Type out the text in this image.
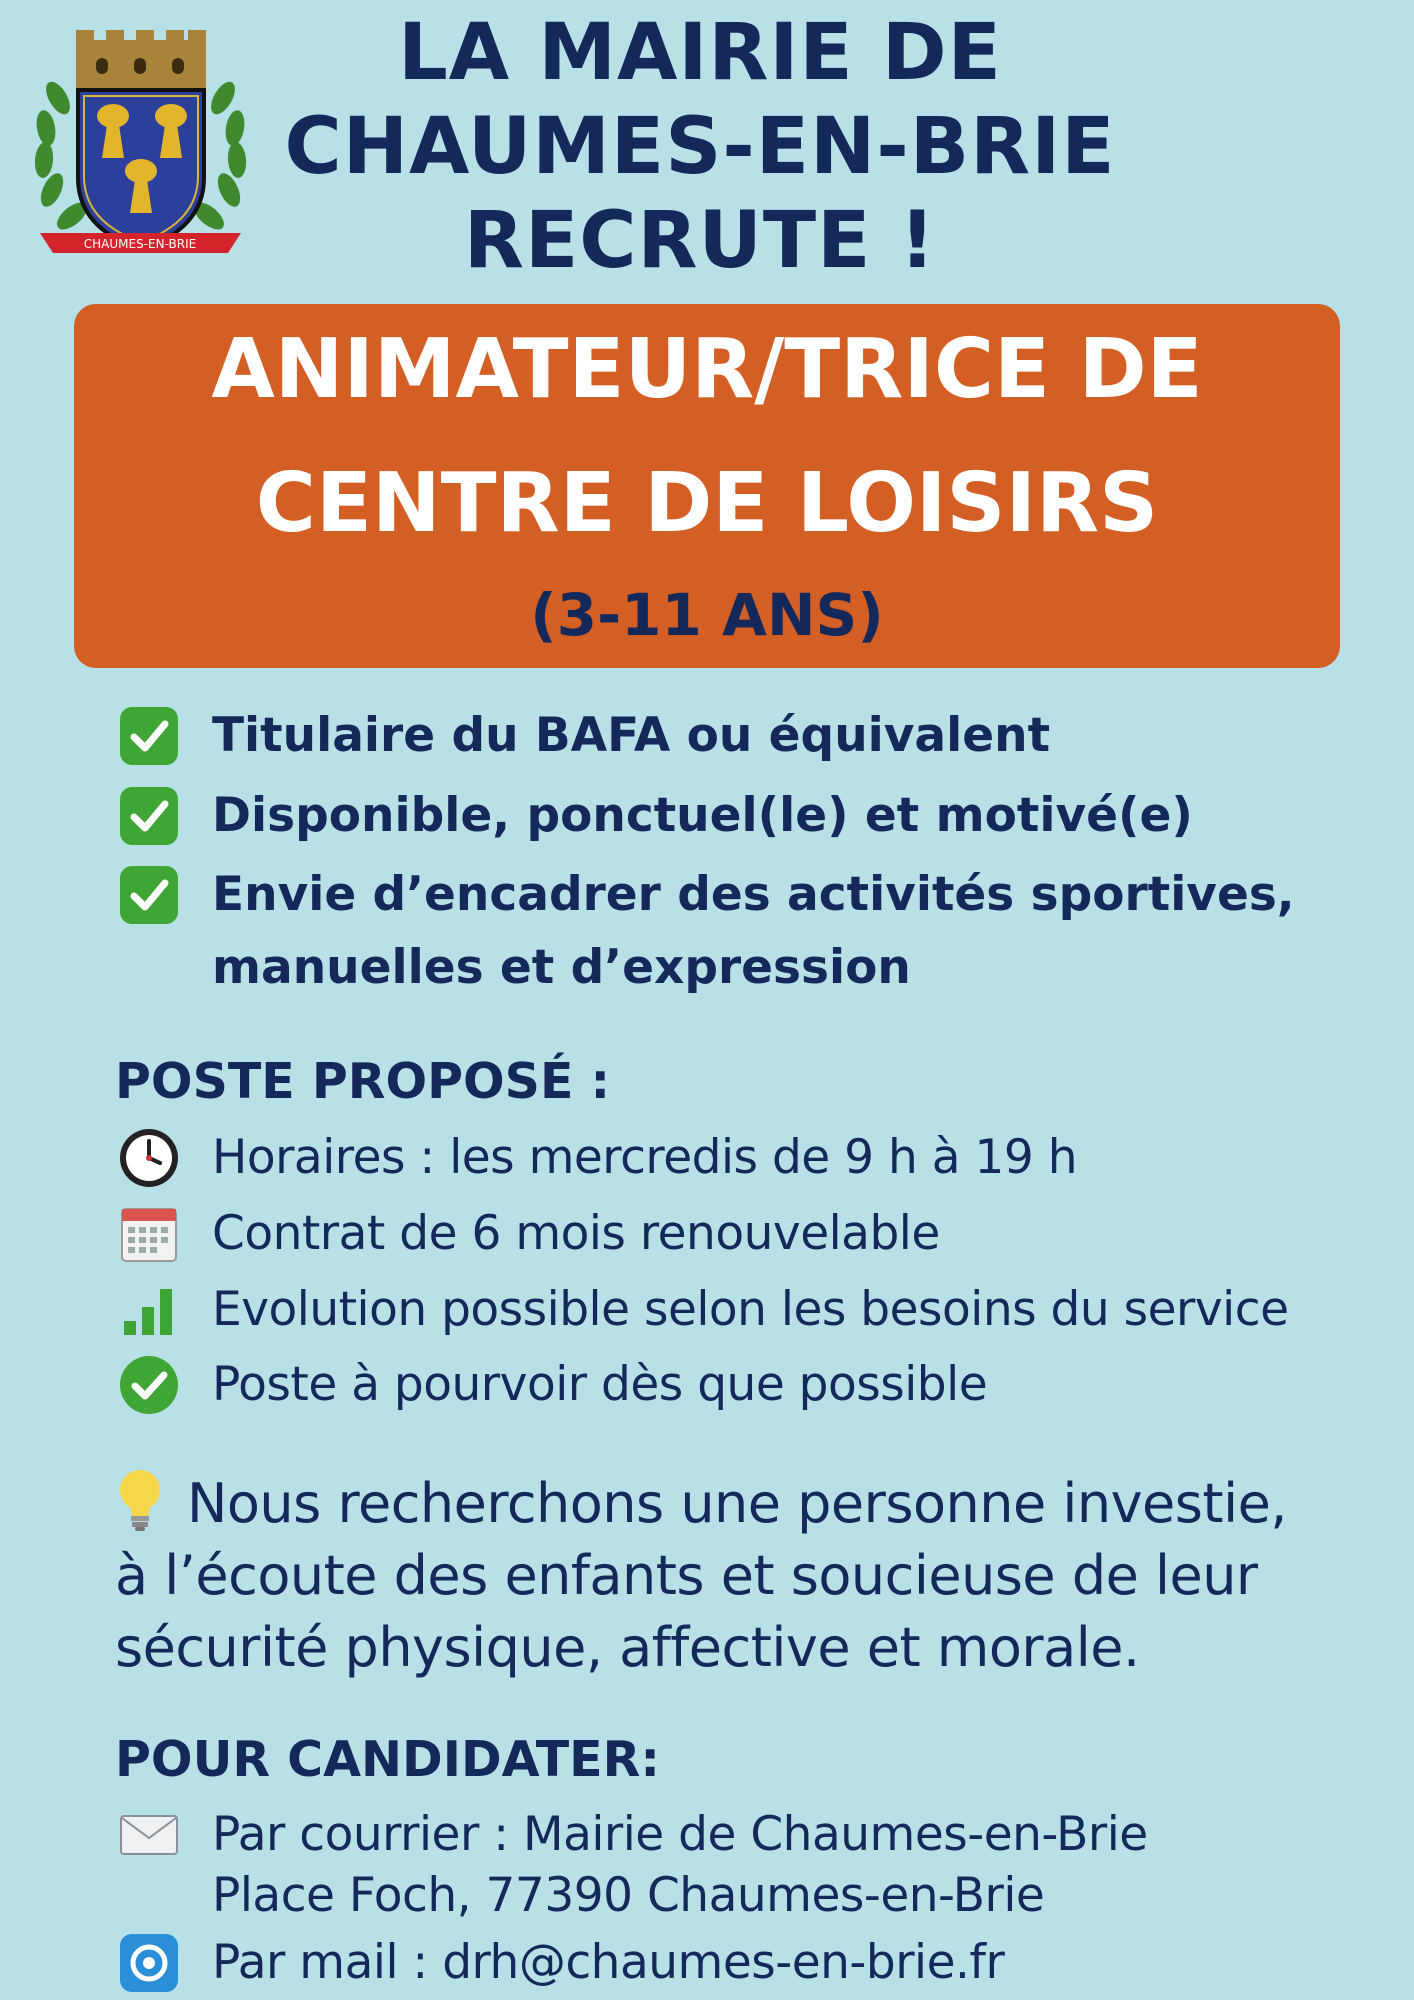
CHAUMES-EN-BRIE
LA MAIRIE DE
CHAUMES-EN-BRIE
RECRUTE !
ANIMATEUR/TRICE DE
CENTRE DE LOISIRS
(3-11 ANS)
Titulaire du BAFA ou équivalent
Disponible, ponctuel(le) et motivé(e)
Envie d’encadrer des activités sportives,
manuelles et d’expression
POSTE PROPOSÉ :
Horaires : les mercredis de 9 h à 19 h
Contrat de 6 mois renouvelable
Evolution possible selon les besoins du service
Poste à pourvoir dès que possible
Nous recherchons une personne investie,
à l’écoute des enfants et soucieuse de leur
sécurité physique, affective et morale.
POUR CANDIDATER:
Par courrier : Mairie de Chaumes-en-Brie
Place Foch, 77390 Chaumes-en-Brie
Par mail : drh@chaumes-en-brie.fr
